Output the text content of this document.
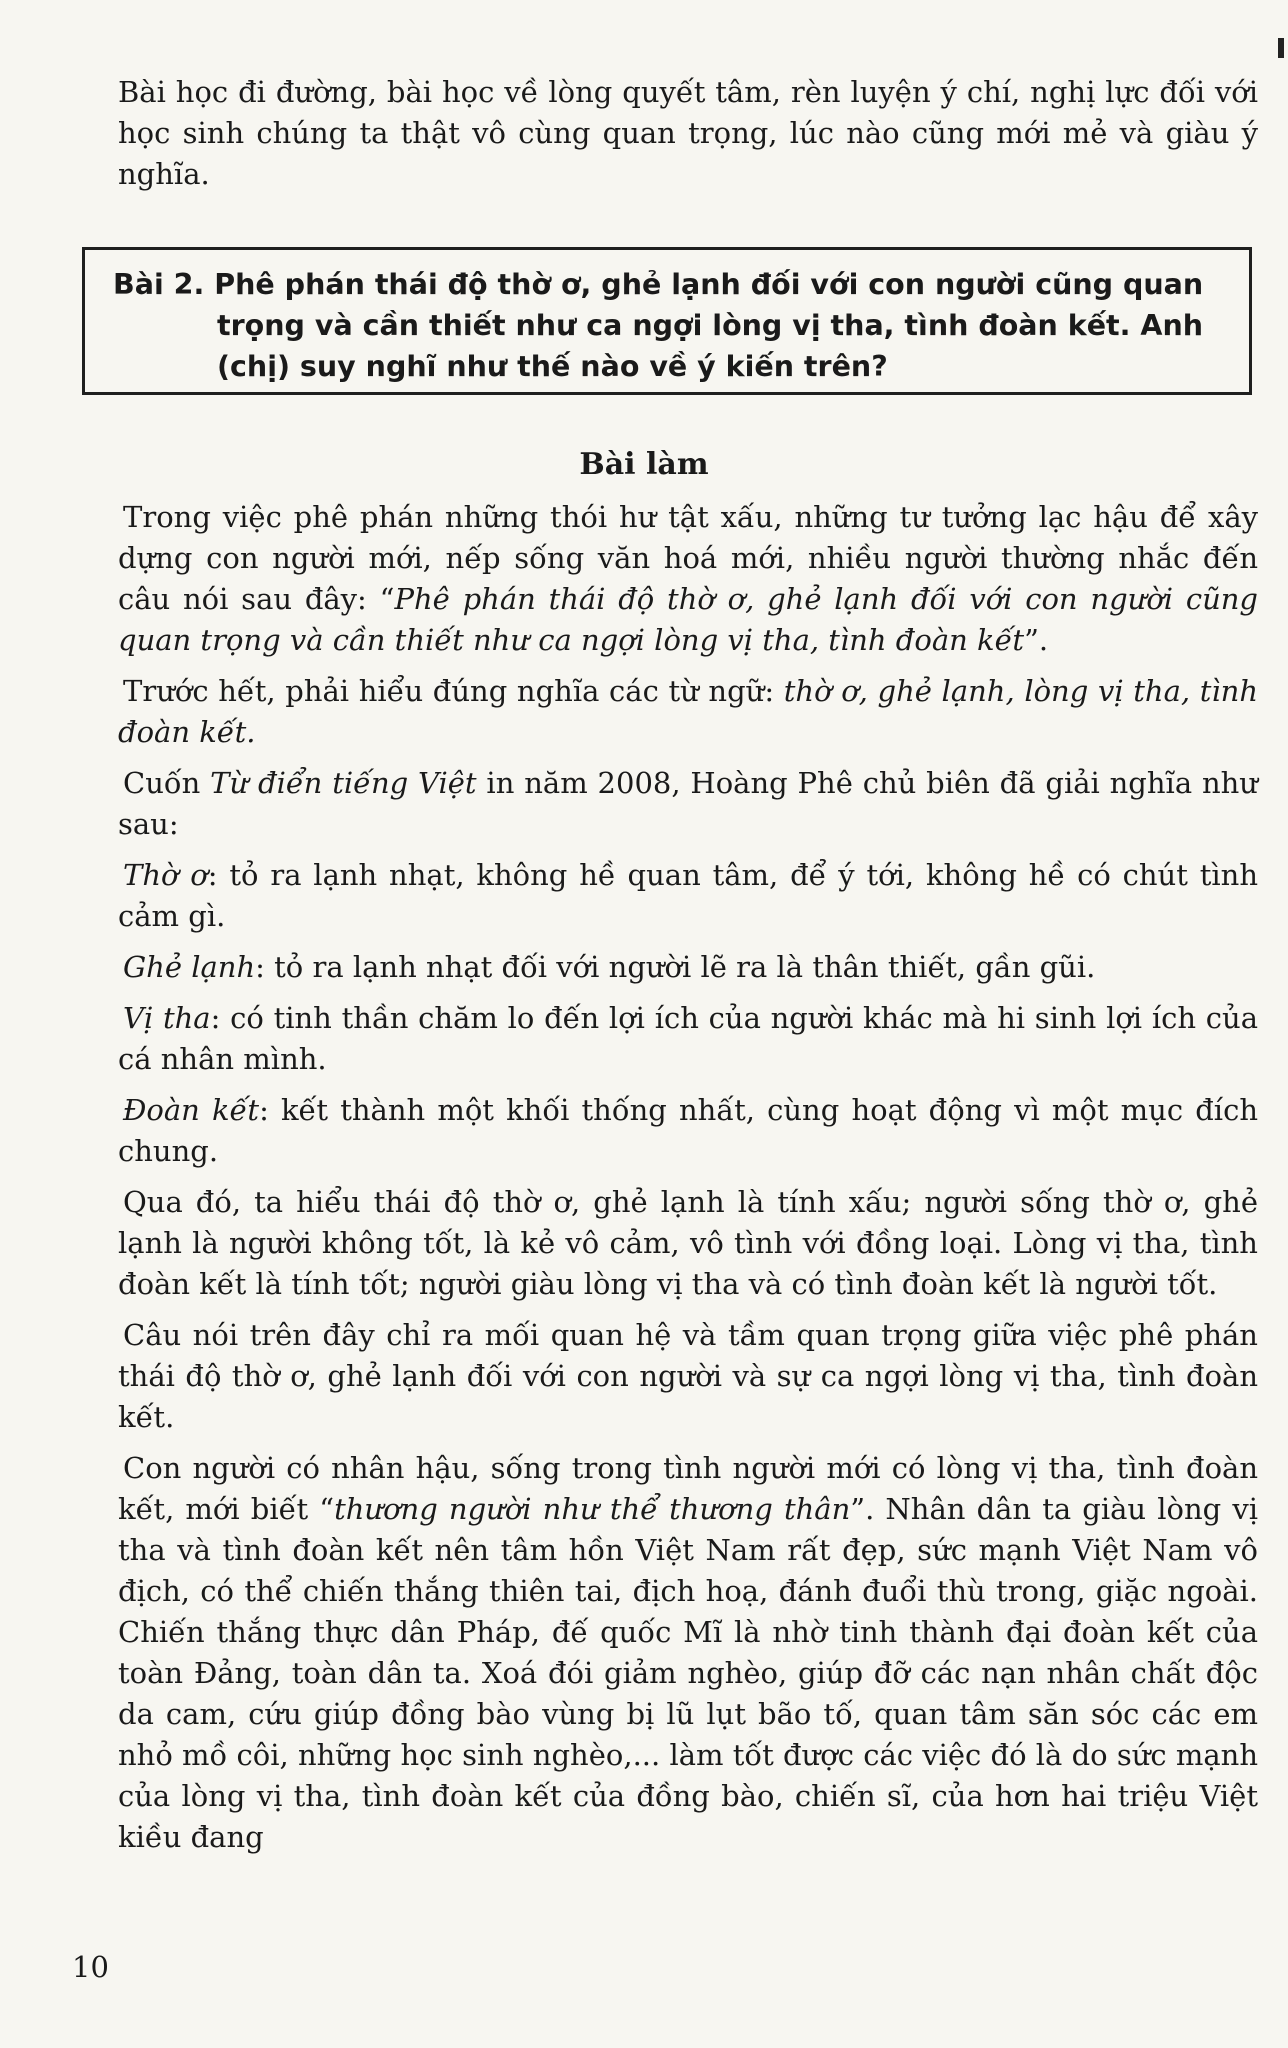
Bài học đi đường, bài học về lòng quyết tâm, rèn luyện ý chí, nghị lực đối với học sinh chúng ta thật vô cùng quan trọng, lúc nào cũng mới mẻ và giàu ý nghĩa.

Bài 2. Phê phán thái độ thờ ơ, ghẻ lạnh đối với con người cũng quan trọng và cần thiết như ca ngợi lòng vị tha, tình đoàn kết. Anh (chị) suy nghĩ như thế nào về ý kiến trên?

Bài làm

Trong việc phê phán những thói hư tật xấu, những tư tưởng lạc hậu để xây dựng con người mới, nếp sống văn hoá mới, nhiều người thường nhắc đến câu nói sau đây: “Phê phán thái độ thờ ơ, ghẻ lạnh đối với con người cũng quan trọng và cần thiết như ca ngợi lòng vị tha, tình đoàn kết”.

Trước hết, phải hiểu đúng nghĩa các từ ngữ: thờ ơ, ghẻ lạnh, lòng vị tha, tình đoàn kết.

Cuốn Từ điển tiếng Việt in năm 2008, Hoàng Phê chủ biên đã giải nghĩa như sau:

Thờ ơ: tỏ ra lạnh nhạt, không hề quan tâm, để ý tới, không hề có chút tình cảm gì.

Ghẻ lạnh: tỏ ra lạnh nhạt đối với người lẽ ra là thân thiết, gần gũi.

Vị tha: có tinh thần chăm lo đến lợi ích của người khác mà hi sinh lợi ích của cá nhân mình.

Đoàn kết: kết thành một khối thống nhất, cùng hoạt động vì một mục đích chung.

Qua đó, ta hiểu thái độ thờ ơ, ghẻ lạnh là tính xấu; người sống thờ ơ, ghẻ lạnh là người không tốt, là kẻ vô cảm, vô tình với đồng loại. Lòng vị tha, tình đoàn kết là tính tốt; người giàu lòng vị tha và có tình đoàn kết là người tốt.

Câu nói trên đây chỉ ra mối quan hệ và tầm quan trọng giữa việc phê phán thái độ thờ ơ, ghẻ lạnh đối với con người và sự ca ngợi lòng vị tha, tình đoàn kết.

Con người có nhân hậu, sống trong tình người mới có lòng vị tha, tình đoàn kết, mới biết “thương người như thể thương thân”. Nhân dân ta giàu lòng vị tha và tình đoàn kết nên tâm hồn Việt Nam rất đẹp, sức mạnh Việt Nam vô địch, có thể chiến thắng thiên tai, địch hoạ, đánh đuổi thù trong, giặc ngoài. Chiến thắng thực dân Pháp, đế quốc Mĩ là nhờ tinh thành đại đoàn kết của toàn Đảng, toàn dân ta. Xoá đói giảm nghèo, giúp đỡ các nạn nhân chất độc da cam, cứu giúp đồng bào vùng bị lũ lụt bão tố, quan tâm săn sóc các em nhỏ mồ côi, những học sinh nghèo,... làm tốt được các việc đó là do sức mạnh của lòng vị tha, tình đoàn kết của đồng bào, chiến sĩ, của hơn hai triệu Việt kiều đang

10
